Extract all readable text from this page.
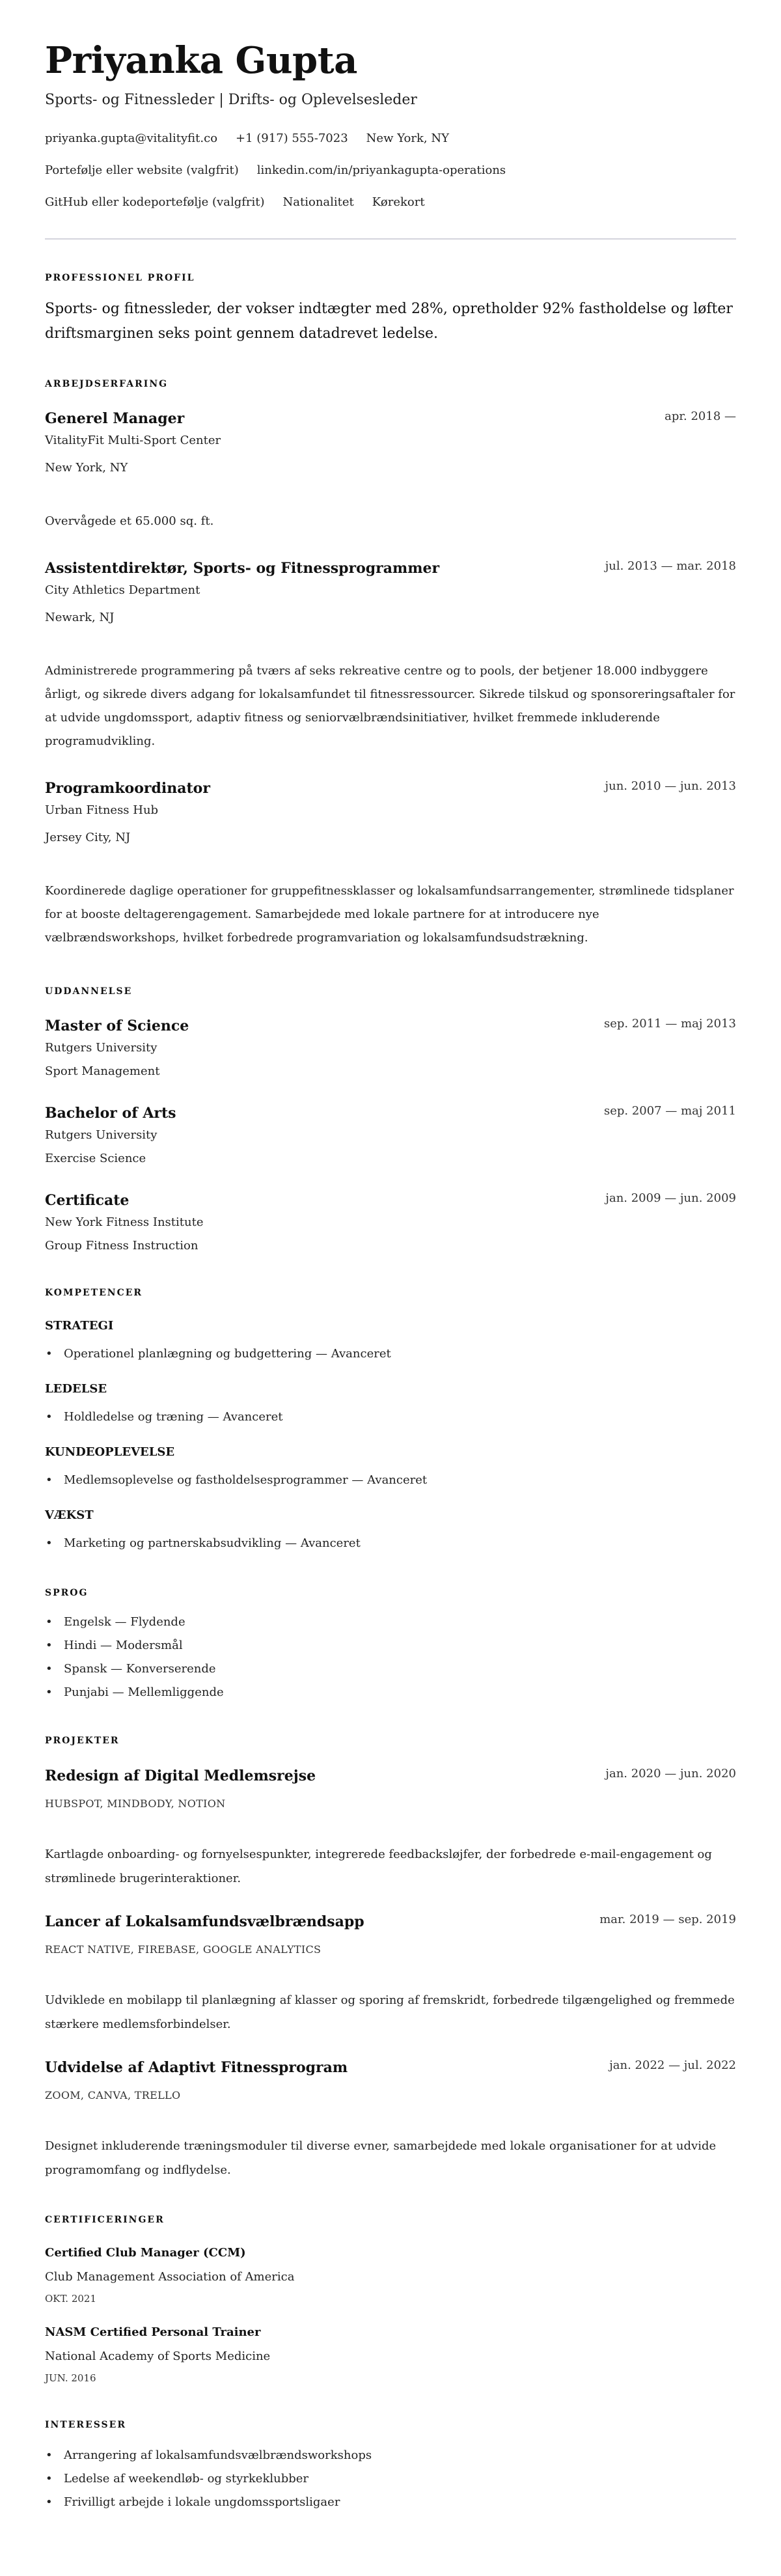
Priyanka Gupta
Sports- og Fitnessleder | Drifts- og Oplevelsesleder
priyanka.gupta@vitalityfit.co +1 (917) 555-7023 New York, NY
Portefølje eller website (valgfrit) linkedin.com/in/priyankagupta-operations
GitHub eller kodeportefølje (valgfrit) Nationalitet Kørekort
PROFESSIONEL PROFIL
Sports- og fitnessleder, der vokser indtægter med 28%, opretholder 92% fastholdelse og løfter driftsmarginen seks point gennem datadrevet ledelse.
ARBEJDSERFARING
Generel Manager	apr. 2018 —
VitalityFit Multi-Sport Center
New York, NY
Overvågede et 65.000 sq. ft.
Assistentdirektør, Sports- og Fitnessprogrammer	jul. 2013 — mar. 2018
City Athletics Department
Newark, NJ
Administrerede programmering på tværs af seks rekreative centre og to pools, der betjener 18.000 indbyggere årligt, og sikrede divers adgang for lokalsamfundet til fitnessressourcer. Sikrede tilskud og sponsoreringsaftaler for at udvide ungdomssport, adaptiv fitness og seniorvælbrændsinitiativer, hvilket fremmede inkluderende programudvikling.
Programkoordinator	jun. 2010 — jun. 2013
Urban Fitness Hub
Jersey City, NJ
Koordinerede daglige operationer for gruppefitnessklasser og lokalsamfundsarrangementer, strømlinede tidsplaner for at booste deltagerengagement. Samarbejdede med lokale partnere for at introducere nye vælbrændsworkshops, hvilket forbedrede programvariation og lokalsamfundsudstrækning.
UDDANNELSE
Master of Science	sep. 2011 — maj 2013
Rutgers University
Sport Management
Bachelor of Arts	sep. 2007 — maj 2011
Rutgers University
Exercise Science
Certificate	jan. 2009 — jun. 2009
New York Fitness Institute
Group Fitness Instruction
KOMPETENCER
STRATEGI
• Operationel planlægning og budgettering — Avanceret
LEDELSE
• Holdledelse og træning — Avanceret
KUNDEOPLEVELSE
• Medlemsoplevelse og fastholdelsesprogrammer — Avanceret
VÆKST
• Marketing og partnerskabsudvikling — Avanceret
SPROG
• Engelsk — Flydende
• Hindi — Modersmål
• Spansk — Konverserende
• Punjabi — Mellemliggende
PROJEKTER
Redesign af Digital Medlemsrejse	jan. 2020 — jun. 2020
HUBSPOT, MINDBODY, NOTION
Kartlagde onboarding- og fornyelsespunkter, integrerede feedbacksløjfer, der forbedrede e-mail-engagement og strømlinede brugerinteraktioner.
Lancer af Lokalsamfundsvælbrændsapp	mar. 2019 — sep. 2019
REACT NATIVE, FIREBASE, GOOGLE ANALYTICS
Udviklede en mobilapp til planlægning af klasser og sporing af fremskridt, forbedrede tilgængelighed og fremmede stærkere medlemsforbindelser.
Udvidelse af Adaptivt Fitnessprogram	jan. 2022 — jul. 2022
ZOOM, CANVA, TRELLO
Designet inkluderende træningsmoduler til diverse evner, samarbejdede med lokale organisationer for at udvide programomfang og indflydelse.
CERTIFICERINGER
Certified Club Manager (CCM)
Club Management Association of America
OKT. 2021
NASM Certified Personal Trainer
National Academy of Sports Medicine
JUN. 2016
INTERESSER
• Arrangering af lokalsamfundsvælbrændsworkshops
• Ledelse af weekendløb- og styrkeklubber
• Frivilligt arbejde i lokale ungdomssportsligaer
